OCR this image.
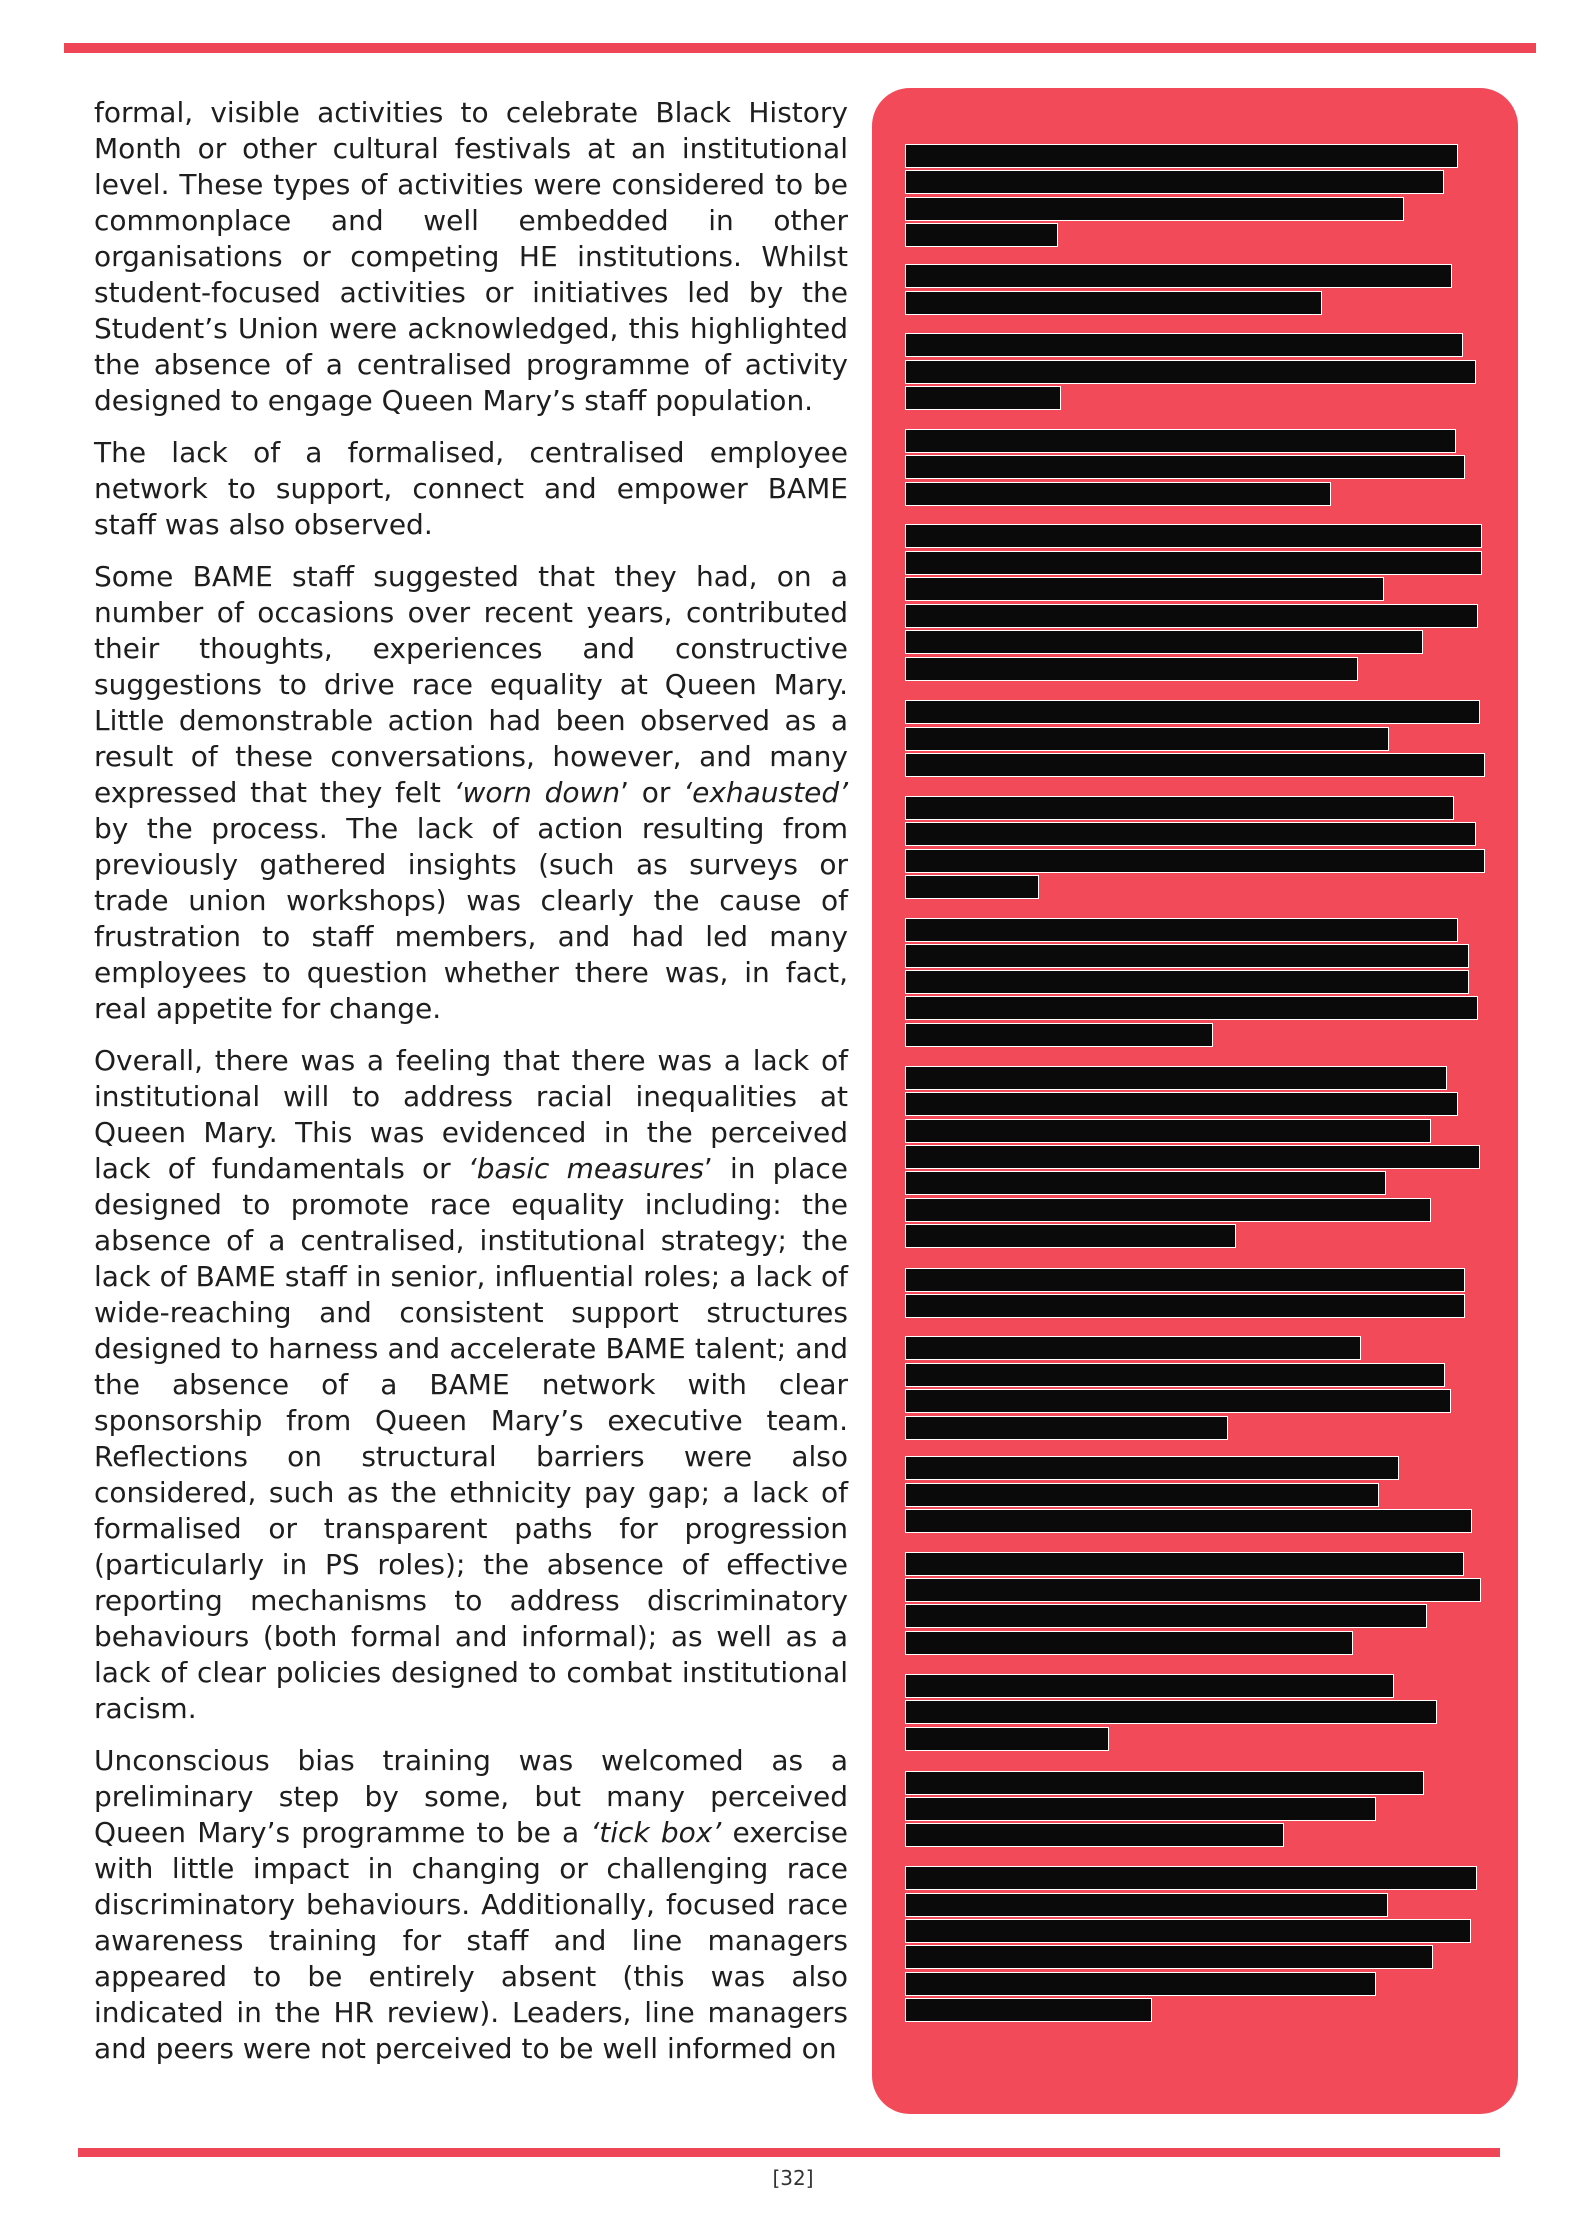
formal, visible activities to celebrate Black History Month or other cultural festivals at an institutional level. These types of activities were considered to be commonplace and well embedded in other organisations or competing HE institutions. Whilst student-focused activities or initiatives led by the Student’s Union were acknowledged, this highlighted the absence of a centralised programme of activity designed to engage Queen Mary’s staff population.

The lack of a formalised, centralised employee network to support, connect and empower BAME staff was also observed.

Some BAME staff suggested that they had, on a number of occasions over recent years, contributed their thoughts, experiences and constructive suggestions to drive race equality at Queen Mary. Little demonstrable action had been observed as a result of these conversations, however, and many expressed that they felt ‘worn down’ or ‘exhausted’ by the process. The lack of action resulting from previously gathered insights (such as surveys or trade union workshops) was clearly the cause of frustration to staff members, and had led many employees to question whether there was, in fact, real appetite for change.

Overall, there was a feeling that there was a lack of institutional will to address racial inequalities at Queen Mary. This was evidenced in the perceived lack of fundamentals or ‘basic measures’ in place designed to promote race equality including: the absence of a centralised, institutional strategy; the lack of BAME staff in senior, influential roles; a lack of wide-reaching and consistent support structures designed to harness and accelerate BAME talent; and the absence of a BAME network with clear sponsorship from Queen Mary’s executive team. Reflections on structural barriers were also considered, such as the ethnicity pay gap; a lack of formalised or transparent paths for progression (particularly in PS roles); the absence of effective reporting mechanisms to address discriminatory behaviours (both formal and informal); as well as a lack of clear policies designed to combat institutional racism.

Unconscious bias training was welcomed as a preliminary step by some, but many perceived Queen Mary’s programme to be a ‘tick box’ exercise with little impact in changing or challenging race discriminatory behaviours. Additionally, focused race awareness training for staff and line managers appeared to be entirely absent (this was also indicated in the HR review). Leaders, line managers and peers were not perceived to be well informed on

[32]
